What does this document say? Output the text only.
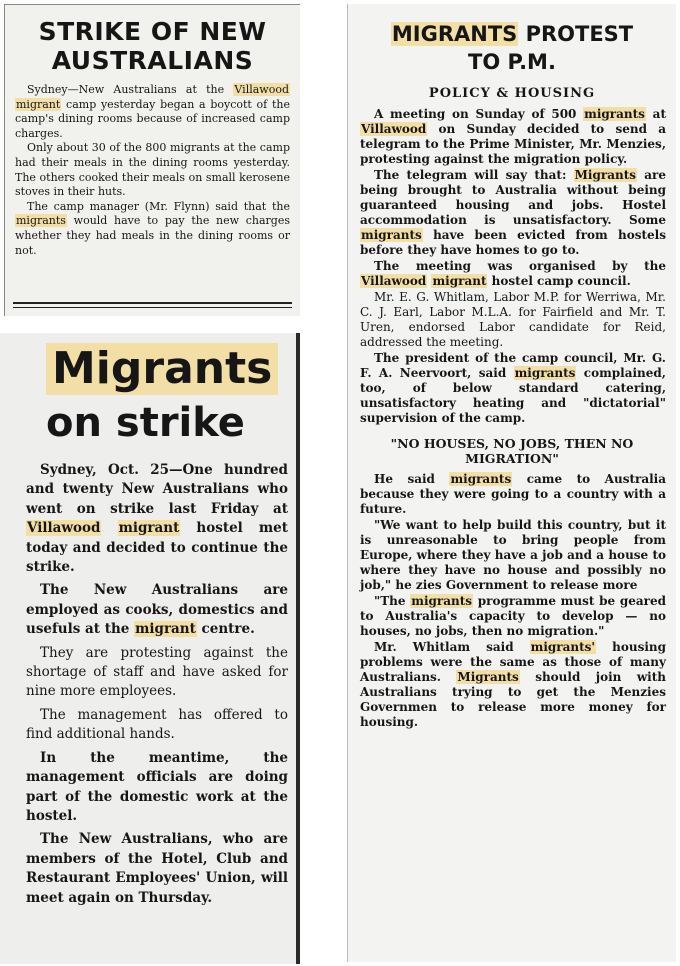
STRIKE OF NEW
AUSTRALIANS

Sydney—New Australians at the Villawood migrant camp yesterday began a boycott of the camp's dining rooms because of increased camp charges.

Only about 30 of the 800 migrants at the camp had their meals in the dining rooms yesterday. The others cooked their meals on small kerosene stoves in their huts.

The camp manager (Mr. Flynn) said that the migrants would have to pay the new charges whether they had meals in the dining rooms or not.

Migrants
on strike

Sydney, Oct. 25—One hundred and twenty New Australians who went on strike last Friday at Villawood migrant hostel met today and decided to continue the strike.

The New Australians are employed as cooks, domestics and usefuls at the migrant centre.

They are protesting against the shortage of staff and have asked for nine more employees.

The management has offered to find additional hands.

In the meantime, the management officials are doing part of the domestic work at the hostel.

The New Australians, who are members of the Hotel, Club and Restaurant Employees' Union, will meet again on Thursday.

MIGRANTS PROTEST
TO P.M.
POLICY & HOUSING

A meeting on Sunday of 500 migrants at Villawood on Sunday decided to send a telegram to the Prime Minister, Mr. Menzies, protesting against the migration policy.

The telegram will say that: Migrants are being brought to Australia without being guaranteed housing and jobs. Hostel accommodation is unsatisfactory. Some migrants have been evicted from hostels before they have homes to go to.

The meeting was organised by the Villawood migrant hostel camp council.

Mr. E. G. Whitlam, Labor M.P. for Werriwa, Mr. C. J. Earl, Labor M.L.A. for Fairfield and Mr. T. Uren, endorsed Labor candidate for Reid, addressed the meeting.

The president of the camp council, Mr. G. F. A. Neervoort, said migrants complained, too, of below standard catering, unsatisfactory heating and "dictatorial" supervision of the camp.

"NO HOUSES, NO JOBS, THEN NO MIGRATION"

He said migrants came to Australia because they were going to a country with a future.

"We want to help build this country, but it is unreasonable to bring people from Europe, where they have a job and a house to where they have no house and possibly no job," he zies Government to release more

"The migrants programme must be geared to Australia's capacity to develop — no houses, no jobs, then no migration."

Mr. Whitlam said migrants' housing problems were the same as those of many Australians. Migrants should join with Australians trying to get the Menzies Governmen to release more money for housing.
